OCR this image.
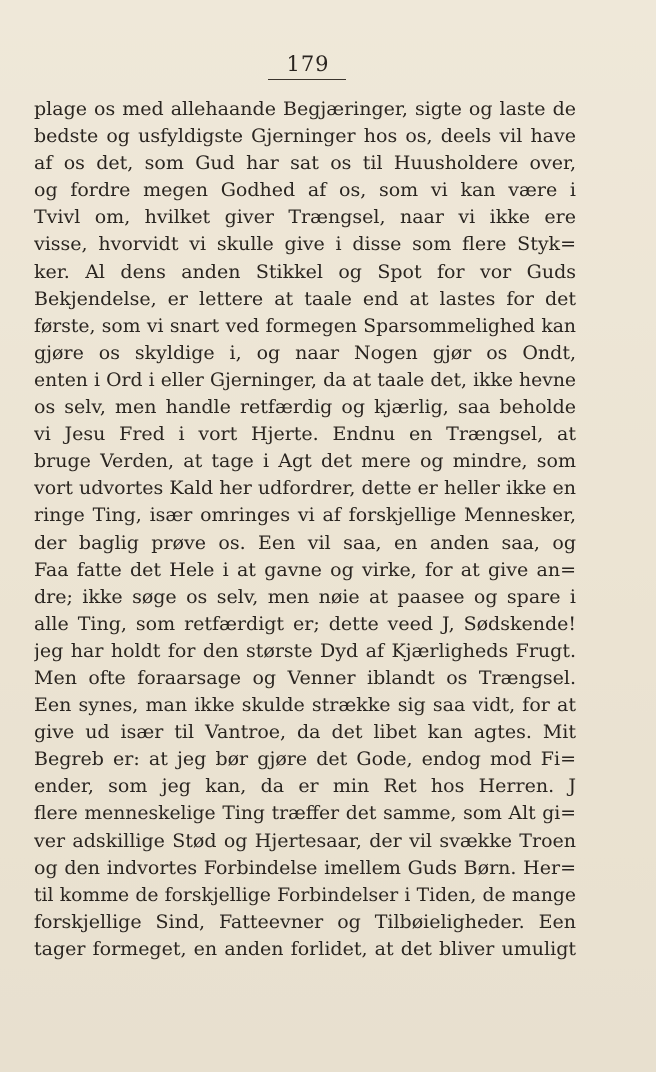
179
plage os med allehaande Begjæringer, sigte og laste de
bedste og usfyldigste Gjerninger hos os, deels vil have
af os det, som Gud har sat os til Huusholdere over,
og fordre megen Godhed af os, som vi kan være i
Tvivl om, hvilket giver Trængsel, naar vi ikke ere
visse, hvorvidt vi skulle give i disse som flere Styk=
ker. Al dens anden Stikkel og Spot for vor Guds
Bekjendelse, er lettere at taale end at lastes for det
første, som vi snart ved formegen Sparsommelighed kan
gjøre os skyldige i, og naar Nogen gjør os Ondt,
enten i Ord i eller Gjerninger, da at taale det, ikke hevne
os selv, men handle retfærdig og kjærlig, saa beholde
vi Jesu Fred i vort Hjerte. Endnu en Trængsel, at
bruge Verden, at tage i Agt det mere og mindre, som
vort udvortes Kald her udfordrer, dette er heller ikke en
ringe Ting, især omringes vi af forskjellige Mennesker,
der baglig prøve os. Een vil saa, en anden saa, og
Faa fatte det Hele i at gavne og virke, for at give an=
dre; ikke søge os selv, men nøie at paasee og spare i
alle Ting, som retfærdigt er; dette veed J, Sødskende!
jeg har holdt for den største Dyd af Kjærligheds Frugt.
Men ofte foraarsage og Venner iblandt os Trængsel.
Een synes, man ikke skulde strække sig saa vidt, for at
give ud især til Vantroe, da det libet kan agtes. Mit
Begreb er: at jeg bør gjøre det Gode, endog mod Fi=
ender, som jeg kan, da er min Ret hos Herren. J
flere menneskelige Ting træffer det samme, som Alt gi=
ver adskillige Stød og Hjertesaar, der vil svække Troen
og den indvortes Forbindelse imellem Guds Børn. Her=
til komme de forskjellige Forbindelser i Tiden, de mange
forskjellige Sind, Fatteevner og Tilbøieligheder. Een
tager formeget, en anden forlidet, at det bliver umuligt
